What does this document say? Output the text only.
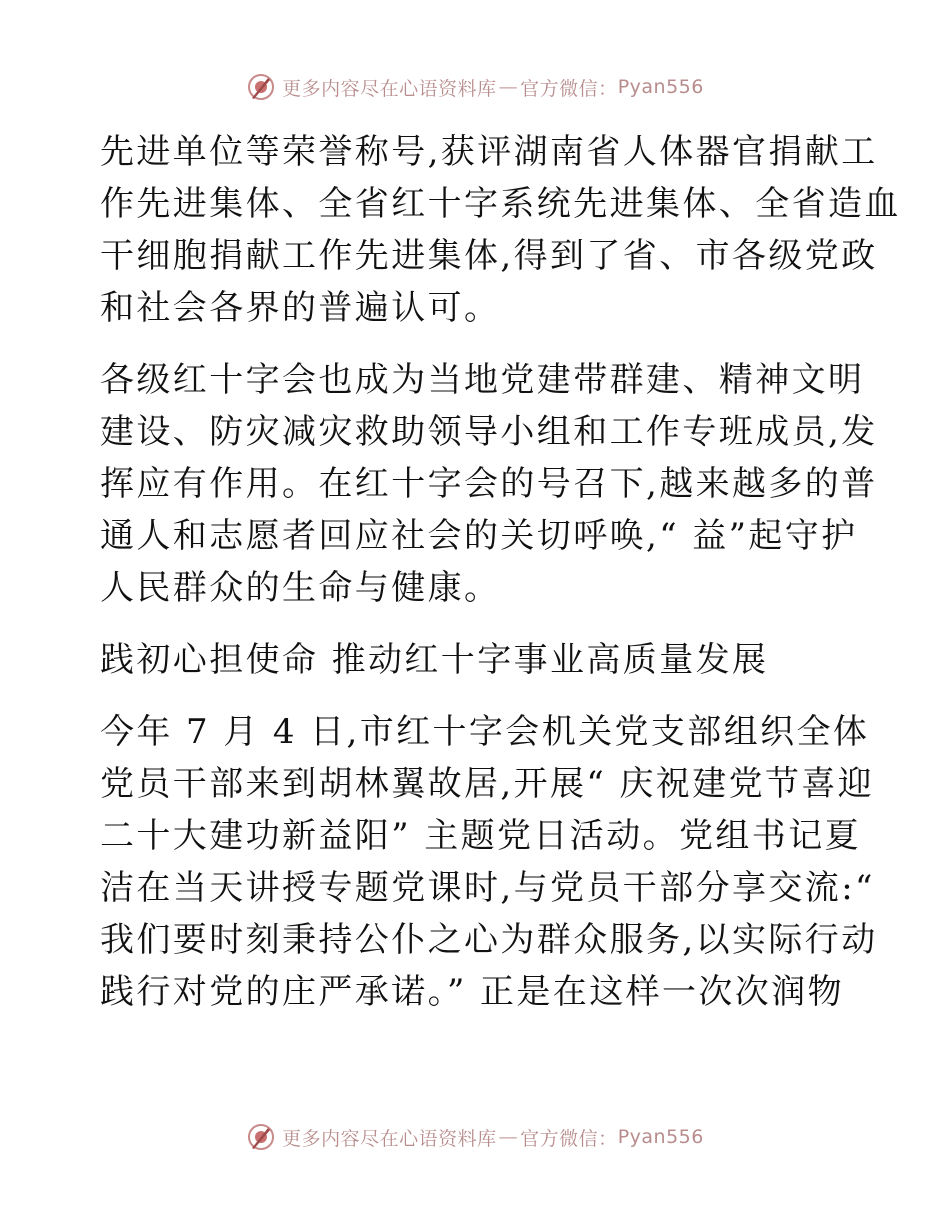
更多内容尽在心语资料库 — 官方微信： Pyan556
先进单位等荣誉称号,获评湖南省人体器官捐献工
作先进集体、全省红十字系统先进集体、全省造血
干细胞捐献工作先进集体,得到了省、市各级党政
和社会各界的普遍认可。
各级红十字会也成为当地党建带群建、精神文明
建设、防灾减灾救助领导小组和工作专班成员,发
挥应有作用。在红十字会的号召下,越来越多的普
通人和志愿者回应社会的关切呼唤,“ 益”起守护
人民群众的生命与健康。
践初心担使命 推动红十字事业高质量发展
今年 7 月 4 日,市红十字会机关党支部组织全体
党员干部来到胡林翼故居,开展“ 庆祝建党节喜迎
二十大建功新益阳” 主题党日活动。党组书记夏
洁在当天讲授专题党课时,与党员干部分享交流:“
我们要时刻秉持公仆之心为群众服务,以实际行动
践行对党的庄严承诺。” 正是在这样一次次润物
更多内容尽在心语资料库 — 官方微信： Pyan556
